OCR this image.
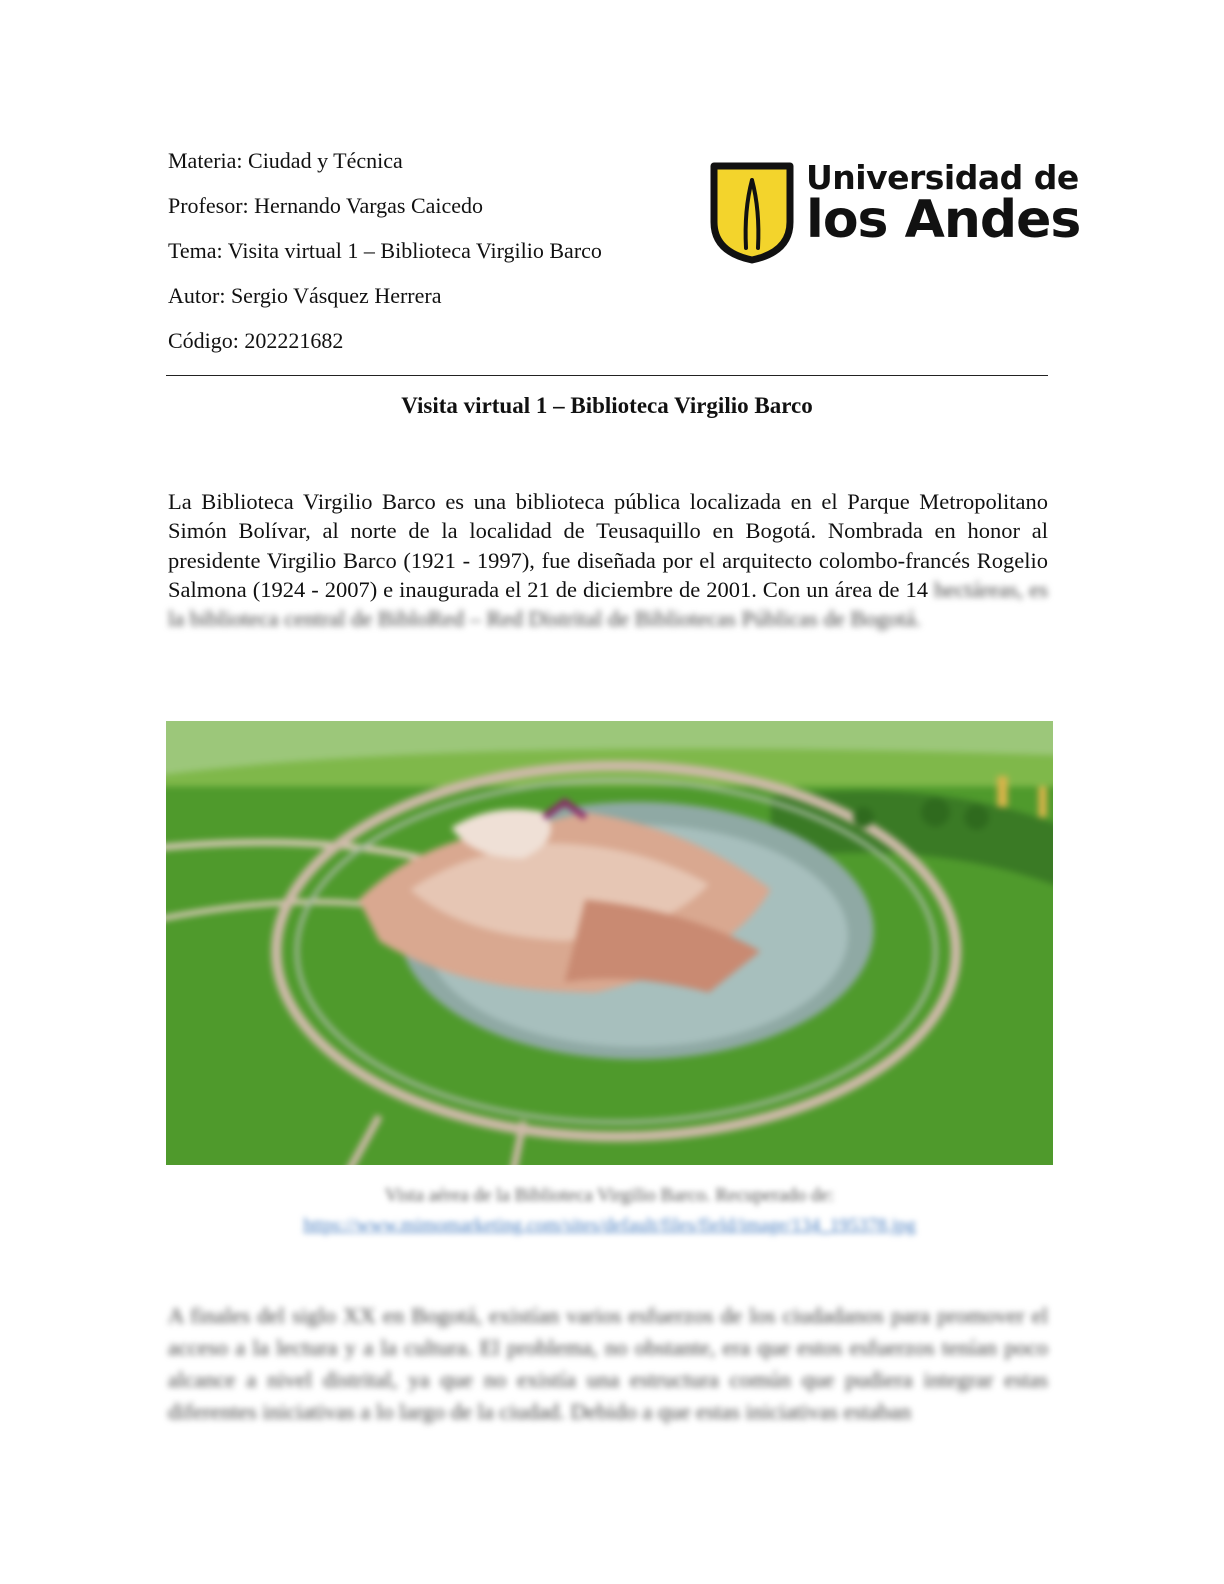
Materia: Ciudad y Técnica

Profesor: Hernando Vargas Caicedo

Tema: Visita virtual 1 – Biblioteca Virgilio Barco

Autor: Sergio Vásquez Herrera

Código: 202221682

Universidad de
los Andes
Visita virtual 1 – Biblioteca Virgilio Barco

La Biblioteca Virgilio Barco es una biblioteca pública localizada en el Parque Metropolitano Simón Bolívar, al norte de la localidad de Teusaquillo en Bogotá. Nombrada en honor al presidente Virgilio Barco (1921 - 1997), fue diseñada por el arquitecto colombo-francés Rogelio Salmona (1924 - 2007) e inaugurada el 21 de diciembre de 2001. Con un área de 14 hectáreas, es la biblioteca central de BibloRed – Red Distrital de Bibliotecas Públicas de Bogotá.

Vista aérea de la Biblioteca Virgilio Barco. Recuperado de:
https://www.mimomarketing.com/sites/default/files/field/image/134_195378.jpg

A finales del siglo XX en Bogotá, existían varios esfuerzos de los ciudadanos para promover el acceso a la lectura y a la cultura. El problema, no obstante, era que estos esfuerzos tenían poco alcance a nivel distrital, ya que no existía una estructura común que pudiera integrar estas diferentes iniciativas a lo largo de la ciudad. Debido a que estas iniciativas estaban
